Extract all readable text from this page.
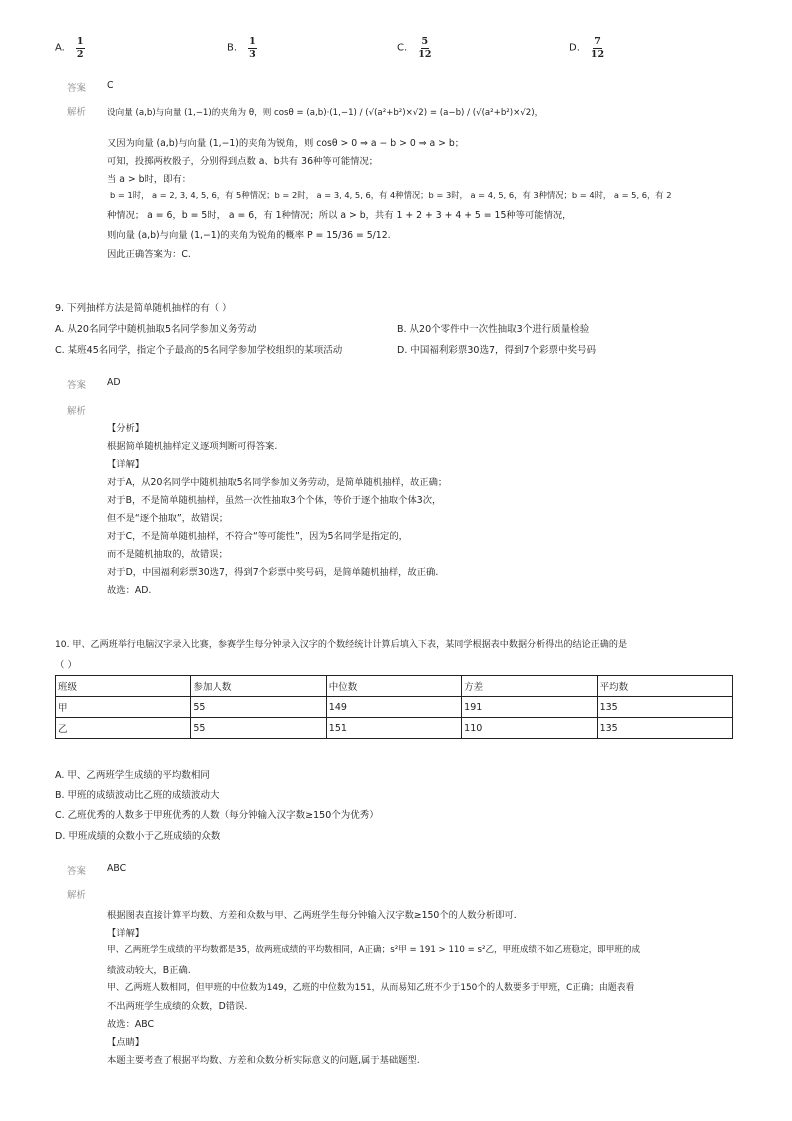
A. $\frac{1}{2}$	B. $\frac{1}{3}$	C. $\frac{5}{12}$	D. $\frac{7}{12}$
答案 C
解析 设向量 (a,b)与向量 (1,−1)的夹角为 θ，则 cosθ = (a,b)·(1,−1) / (√(a²+b²)×√2) = (a−b) / (√(a²+b²)×√2)，
又因为向量 (a,b)与向量 (1,−1)的夹角为锐角，则 cosθ > 0 ⇒ a − b > 0 ⇒ a > b；
可知，投掷两枚骰子，分别得到点数 a、b共有 36种等可能情况；
当 a > b时，即有：
b = 1时， a = 2, 3, 4, 5, 6，有 5种情况；b = 2时， a = 3, 4, 5, 6，有 4种情况；b = 3时， a = 4, 5, 6，有 3种情况；b = 4时， a = 5, 6，有 2
种情况； a = 6，b = 5时， a = 6，有 1种情况；所以 a > b，共有 1 + 2 + 3 + 4 + 5 = 15种等可能情况，
则向量 (a,b)与向量 (1,−1)的夹角为锐角的概率 P = 15/36 = 5/12.
因此正确答案为：C.
9. 下列抽样方法是简单随机抽样的有（ ）
A. 从20名同学中随机抽取5名同学参加义务劳动	B. 从20个零件中一次性抽取3个进行质量检验
C. 某班45名同学，指定个子最高的5名同学参加学校组织的某项活动	D. 中国福利彩票30选7，得到7个彩票中奖号码
答案 AD
解析
【分析】
根据简单随机抽样定义逐项判断可得答案.
【详解】
对于A，从20名同学中随机抽取5名同学参加义务劳动，是简单随机抽样，故正确；
对于B，不是简单随机抽样，虽然一次性抽取3个个体，等价于逐个抽取个体3次，
但不是“逐个抽取”，故错误；
对于C，不是简单随机抽样，不符合“等可能性”，因为5名同学是指定的，
而不是随机抽取的，故错误；
对于D，中国福利彩票30选7，得到7个彩票中奖号码，是简单随机抽样，故正确.
故选：AD.
10. 甲、乙两班举行电脑汉字录入比赛，参赛学生每分钟录入汉字的个数经统计计算后填入下表，某同学根据表中数据分析得出的结论正确的是
（ ）
班级	参加人数	中位数	方差	平均数
甲	55	149	191	135
乙	55	151	110	135
A. 甲、乙两班学生成绩的平均数相同
B. 甲班的成绩波动比乙班的成绩波动大
C. 乙班优秀的人数多于甲班优秀的人数（每分钟输入汉字数≥150个为优秀）
D. 甲班成绩的众数小于乙班成绩的众数
答案 ABC
解析
根据图表直接计算平均数、方差和众数与甲、乙两班学生每分钟输入汉字数≥150个的人数分析即可.
【详解】
甲、乙两班学生成绩的平均数都是35，故两班成绩的平均数相同，A正确；s²甲 = 191 > 110 = s²乙，甲班成绩不如乙班稳定，即甲班的成
绩波动较大，B正确.
甲、乙两班人数相同，但甲班的中位数为149，乙班的中位数为151，从而易知乙班不少于150个的人数要多于甲班，C正确；由题表看
不出两班学生成绩的众数，D错误.
故选：ABC
【点睛】
本题主要考查了根据平均数、方差和众数分析实际意义的问题,属于基础题型.
